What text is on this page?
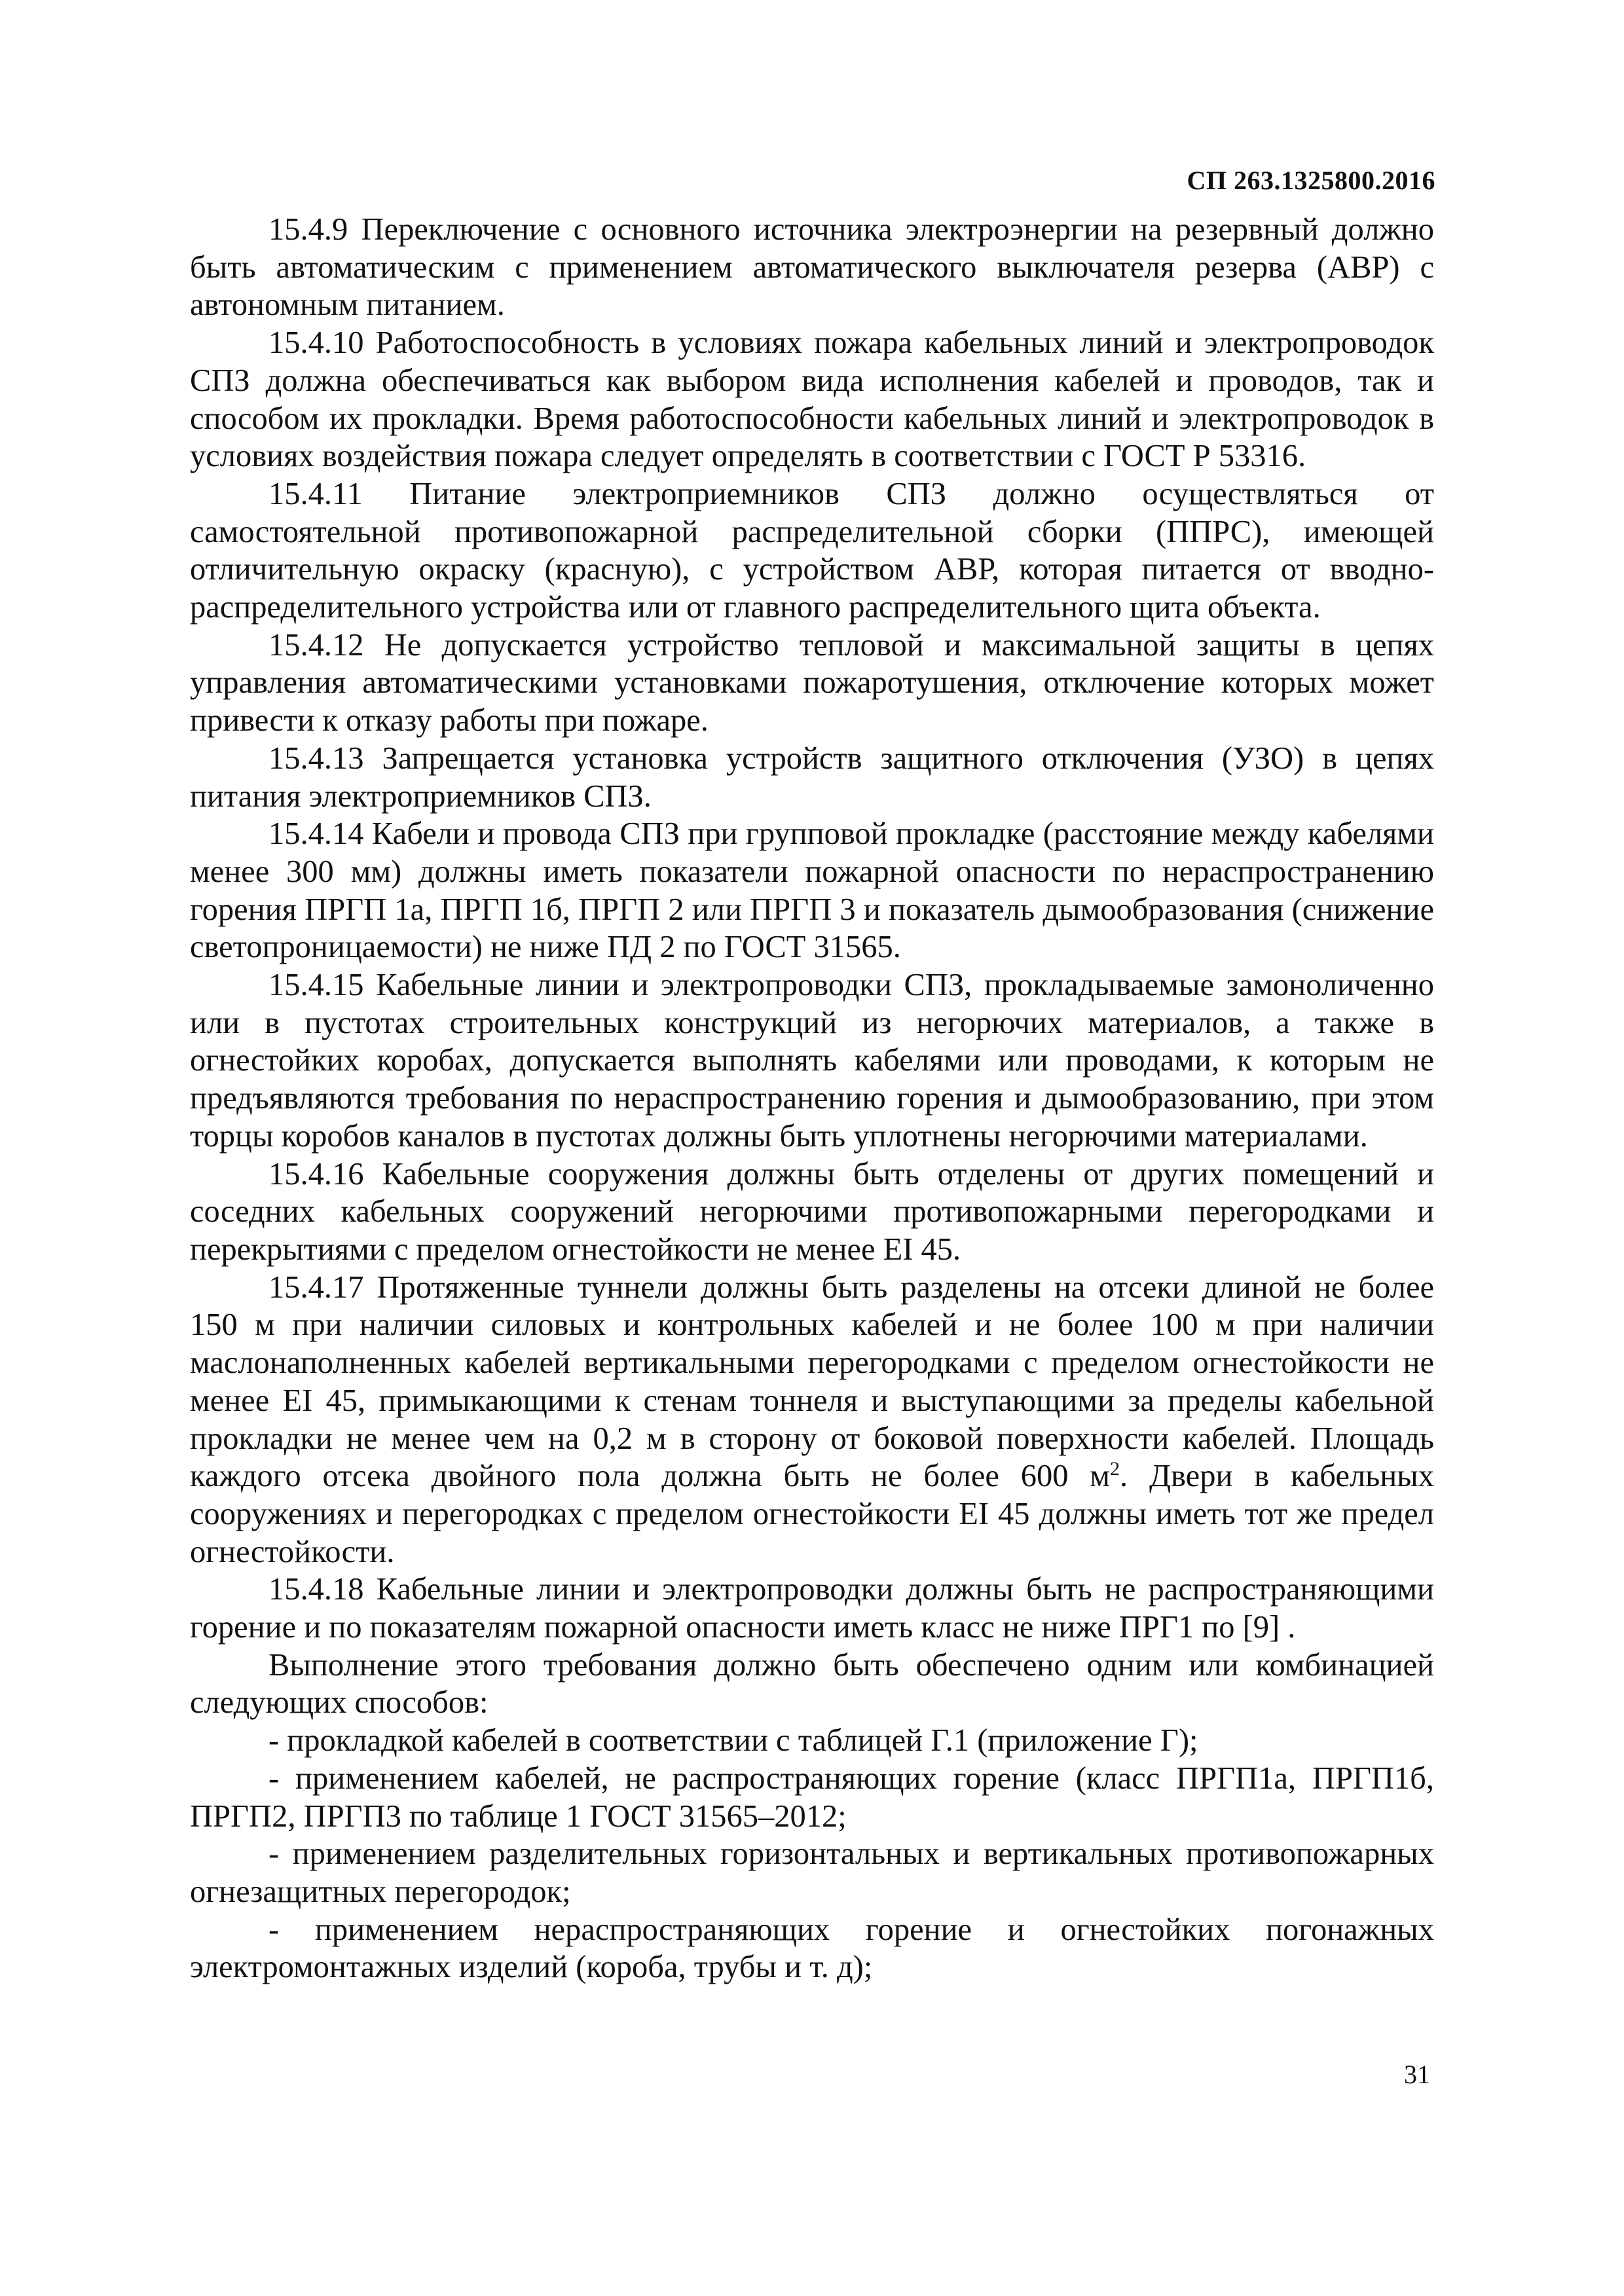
СП 263.1325800.2016

15.4.9 Переключение с основного источника электроэнергии на резервный должно быть автоматическим с применением автоматического выключателя резерва (АВР) с автономным питанием.

15.4.10 Работоспособность в условиях пожара кабельных линий и электропроводок СПЗ должна обеспечиваться как выбором вида исполнения кабелей и проводов, так и способом их прокладки. Время работоспособности кабельных линий и электропроводок в условиях воздействия пожара следует определять в соответствии с ГОСТ Р 53316.

15.4.11 Питание электроприемников СПЗ должно осуществляться от самостоятельной противопожарной распределительной сборки (ППРС), имеющей отличительную окраску (красную), с устройством АВР, которая питается от вводно-распределительного устройства или от главного распределительного щита объекта.

15.4.12 Не допускается устройство тепловой и максимальной защиты в цепях управления автоматическими установками пожаротушения, отключение которых может привести к отказу работы при пожаре.

15.4.13 Запрещается установка устройств защитного отключения (УЗО) в цепях питания электроприемников СПЗ.

15.4.14 Кабели и провода СПЗ при групповой прокладке (расстояние между кабелями менее 300 мм) должны иметь показатели пожарной опасности по нераспространению горения ПРГП 1а, ПРГП 1б, ПРГП 2 или ПРГП 3 и показатель дымообразования (снижение светопроницаемости) не ниже ПД 2 по ГОСТ 31565.

15.4.15 Кабельные линии и электропроводки СПЗ, прокладываемые замоноличенно или в пустотах строительных конструкций из негорючих материалов, а также в огнестойких коробах, допускается выполнять кабелями или проводами, к которым не предъявляются требования по нераспространению горения и дымообразованию, при этом торцы коробов каналов в пустотах должны быть уплотнены негорючими материалами.

15.4.16 Кабельные сооружения должны быть отделены от других помещений и соседних кабельных сооружений негорючими противопожарными перегородками и перекрытиями с пределом огнестойкости не менее EI 45.

15.4.17 Протяженные туннели должны быть разделены на отсеки длиной не более 150 м при наличии силовых и контрольных кабелей и не более 100 м при наличии маслонаполненных кабелей вертикальными перегородками с пределом огнестойкости не менее EI 45, примыкающими к стенам тоннеля и выступающими за пределы кабельной прокладки не менее чем на 0,2 м в сторону от боковой поверхности кабелей. Площадь каждого отсека двойного пола должна быть не более 600 $м^2$. Двери в кабельных сооружениях и перегородках с пределом огнестойкости EI 45 должны иметь тот же предел огнестойкости.

15.4.18 Кабельные линии и электропроводки должны быть не распространяющими горение и по показателям пожарной опасности иметь класс не ниже ПРГ1 по [9] .

Выполнение этого требования должно быть обеспечено одним или комбинацией следующих способов:

- прокладкой кабелей в соответствии с таблицей Г.1 (приложение Г);

- применением кабелей, не распространяющих горение (класс ПРГП1а, ПРГП1б, ПРГП2, ПРГП3 по таблице 1 ГОСТ 31565–2012;

- применением разделительных горизонтальных и вертикальных противопожарных огнезащитных перегородок;

- применением нераспространяющих горение и огнестойких погонажных электромонтажных изделий (короба, трубы и т. д);

31
